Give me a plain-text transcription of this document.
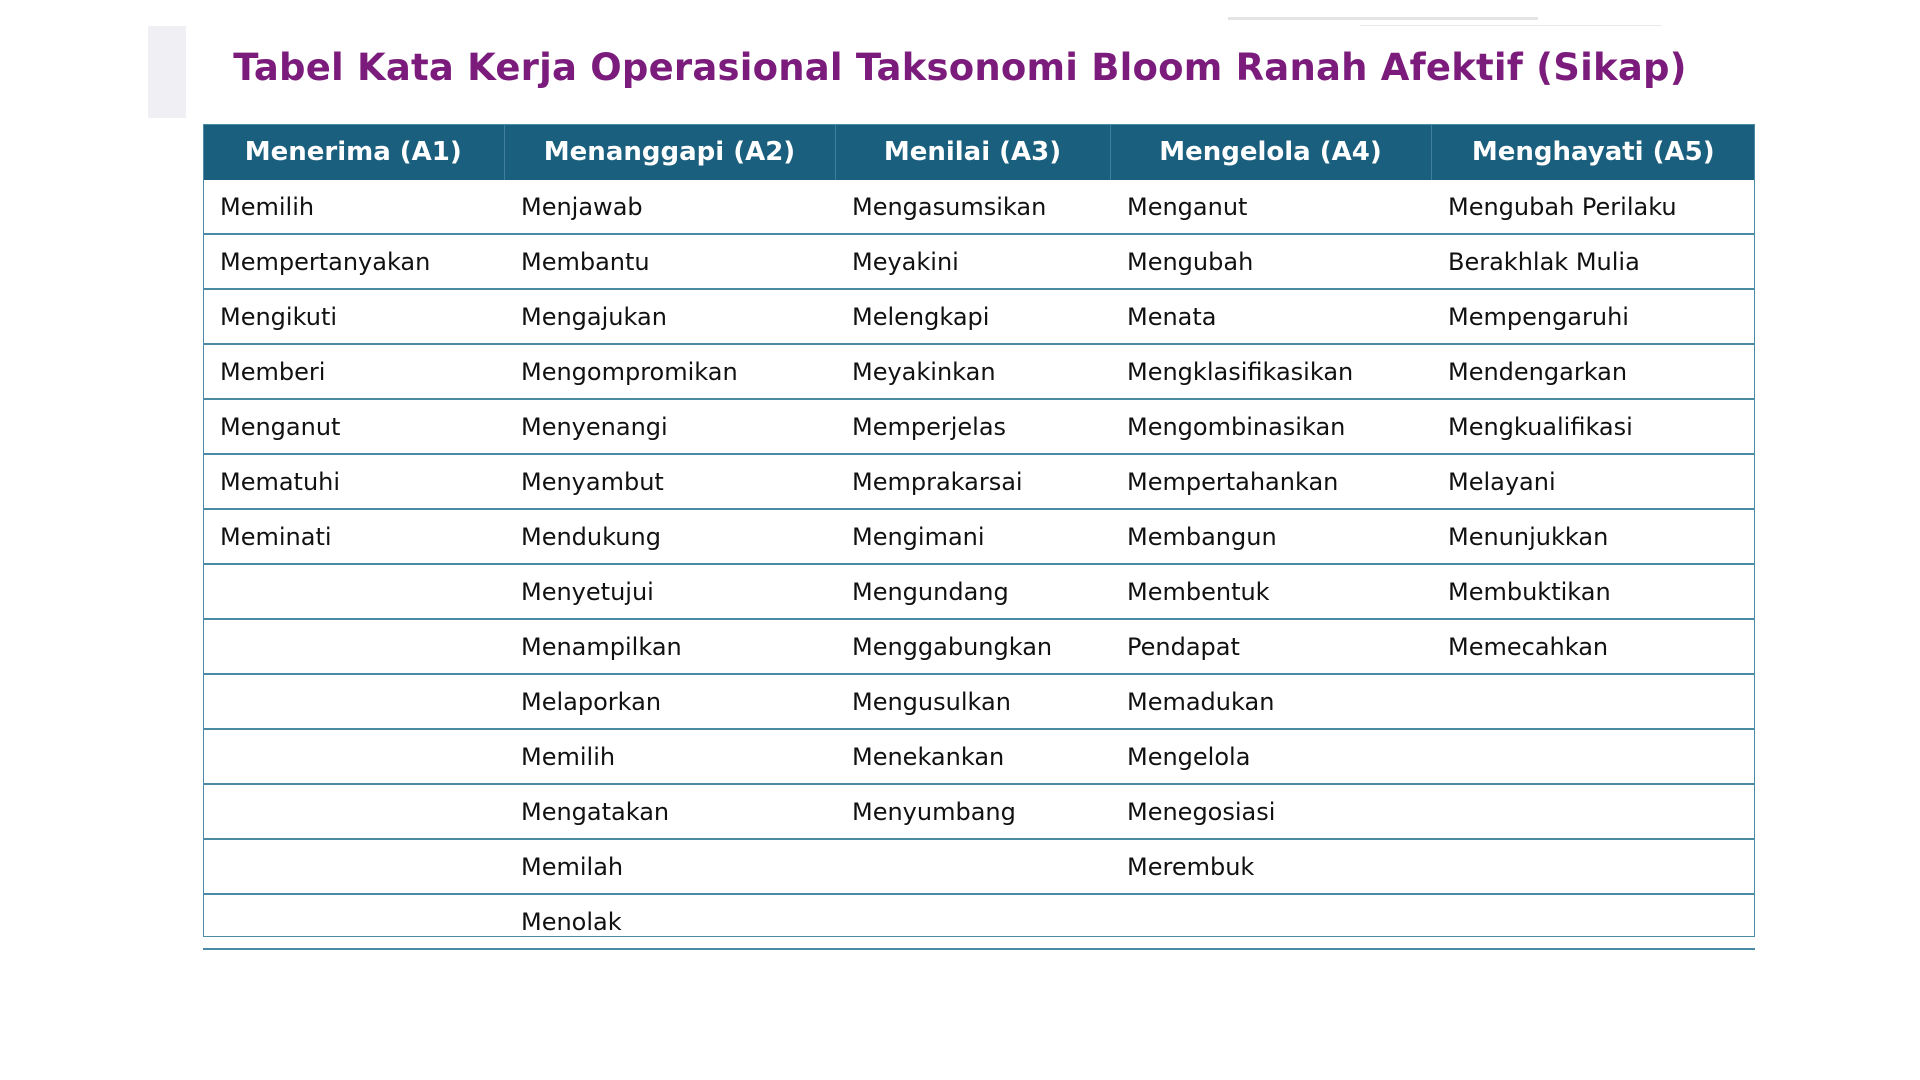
Tabel Kata Kerja Operasional Taksonomi Bloom Ranah Afektif (Sikap)
Menerima (A1)	Menanggapi (A2)	Menilai (A3)	Mengelola (A4)	Menghayati (A5)
Memilih	Menjawab	Mengasumsikan	Menganut	Mengubah Perilaku
Mempertanyakan	Membantu	Meyakini	Mengubah	Berakhlak Mulia
Mengikuti	Mengajukan	Melengkapi	Menata	Mempengaruhi
Memberi	Mengompromikan	Meyakinkan	Mengklasifikasikan	Mendengarkan
Menganut	Menyenangi	Memperjelas	Mengombinasikan	Mengkualifikasi
Mematuhi	Menyambut	Memprakarsai	Mempertahankan	Melayani
Meminati	Mendukung	Mengimani	Membangun	Menunjukkan
	Menyetujui	Mengundang	Membentuk	Membuktikan
	Menampilkan	Menggabungkan	Pendapat	Memecahkan
	Melaporkan	Mengusulkan	Memadukan	
	Memilih	Menekankan	Mengelola	
	Mengatakan	Menyumbang	Menegosiasi	
	Memilah		Merembuk	
	Menolak			
